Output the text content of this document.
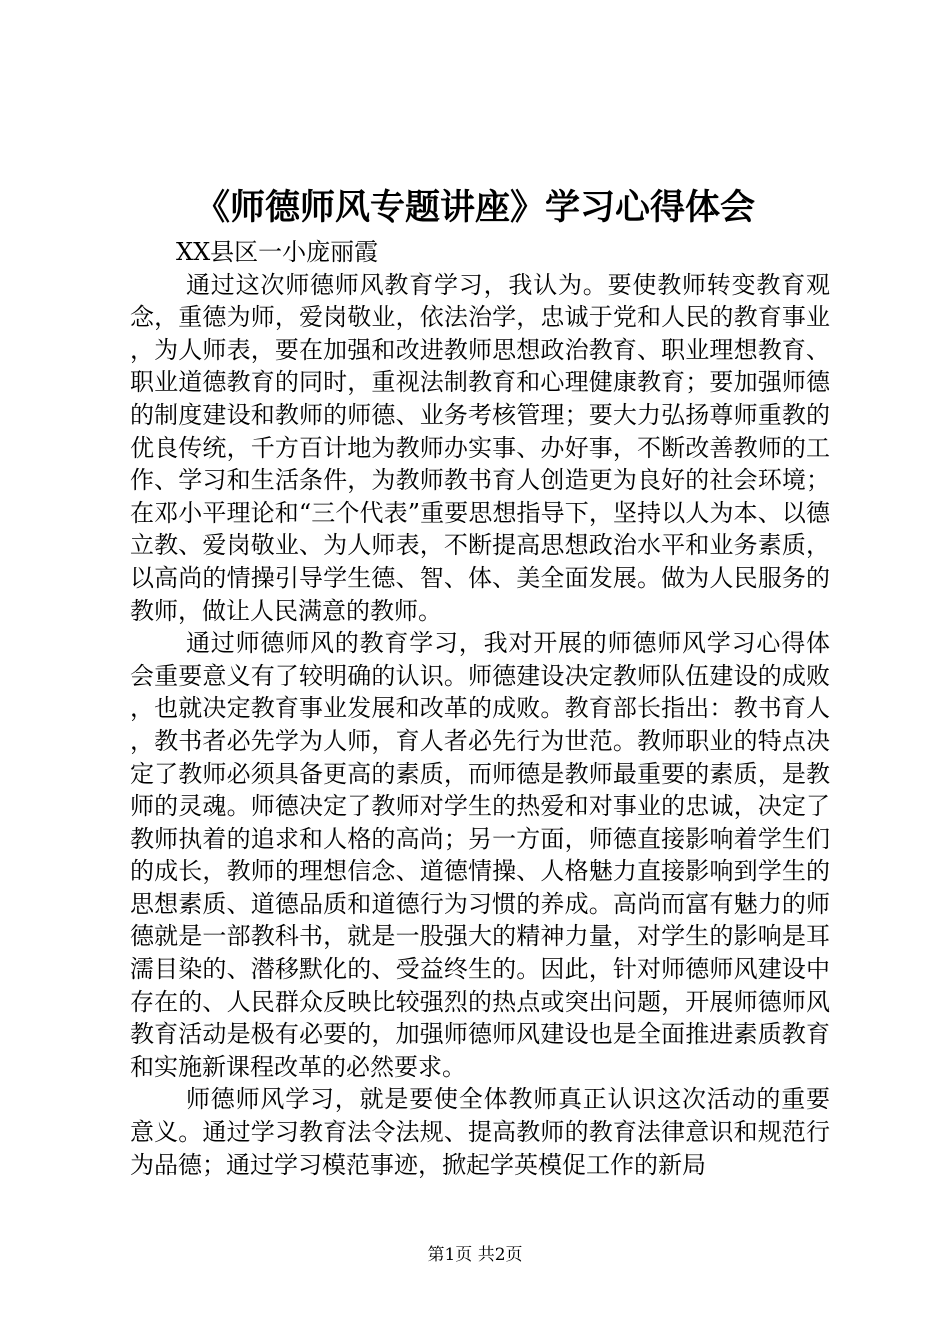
《师德师风专题讲座》学习心得体会

XX县区一小庞丽霞

通过这次师德师风教育学习，我认为。要使教师转变教育观念，重德为师，爱岗敬业，依法治学，忠诚于党和人民的教育事业，为人师表，要在加强和改进教师思想政治教育、职业理想教育、职业道德教育的同时，重视法制教育和心理健康教育；要加强师德的制度建设和教师的师德、业务考核管理；要大力弘扬尊师重教的优良传统，千方百计地为教师办实事、办好事，不断改善教师的工作、学习和生活条件，为教师教书育人创造更为良好的社会环境；在邓小平理论和“三个代表”重要思想指导下，坚持以人为本、以德立教、爱岗敬业、为人师表，不断提高思想政治水平和业务素质，以高尚的情操引导学生德、智、体、美全面发展。做为人民服务的教师，做让人民满意的教师。

通过师德师风的教育学习，我对开展的师德师风学习心得体会重要意义有了较明确的认识。师德建设决定教师队伍建设的成败，也就决定教育事业发展和改革的成败。教育部长指出：教书育人，教书者必先学为人师，育人者必先行为世范。教师职业的特点决定了教师必须具备更高的素质，而师德是教师最重要的素质，是教师的灵魂。师德决定了教师对学生的热爱和对事业的忠诚，决定了教师执着的追求和人格的高尚；另一方面，师德直接影响着学生们的成长，教师的理想信念、道德情操、人格魅力直接影响到学生的思想素质、道德品质和道德行为习惯的养成。高尚而富有魅力的师德就是一部教科书，就是一股强大的精神力量，对学生的影响是耳濡目染的、潜移默化的、受益终生的。因此，针对师德师风建设中存在的、人民群众反映比较强烈的热点或突出问题，开展师德师风教育活动是极有必要的，加强师德师风建设也是全面推进素质教育和实施新课程改革的必然要求。

师德师风学习，就是要使全体教师真正认识这次活动的重要意义。通过学习教育法令法规、提高教师的教育法律意识和规范行为品德；通过学习模范事迹，掀起学英模促工作的新局

第1页 共2页
